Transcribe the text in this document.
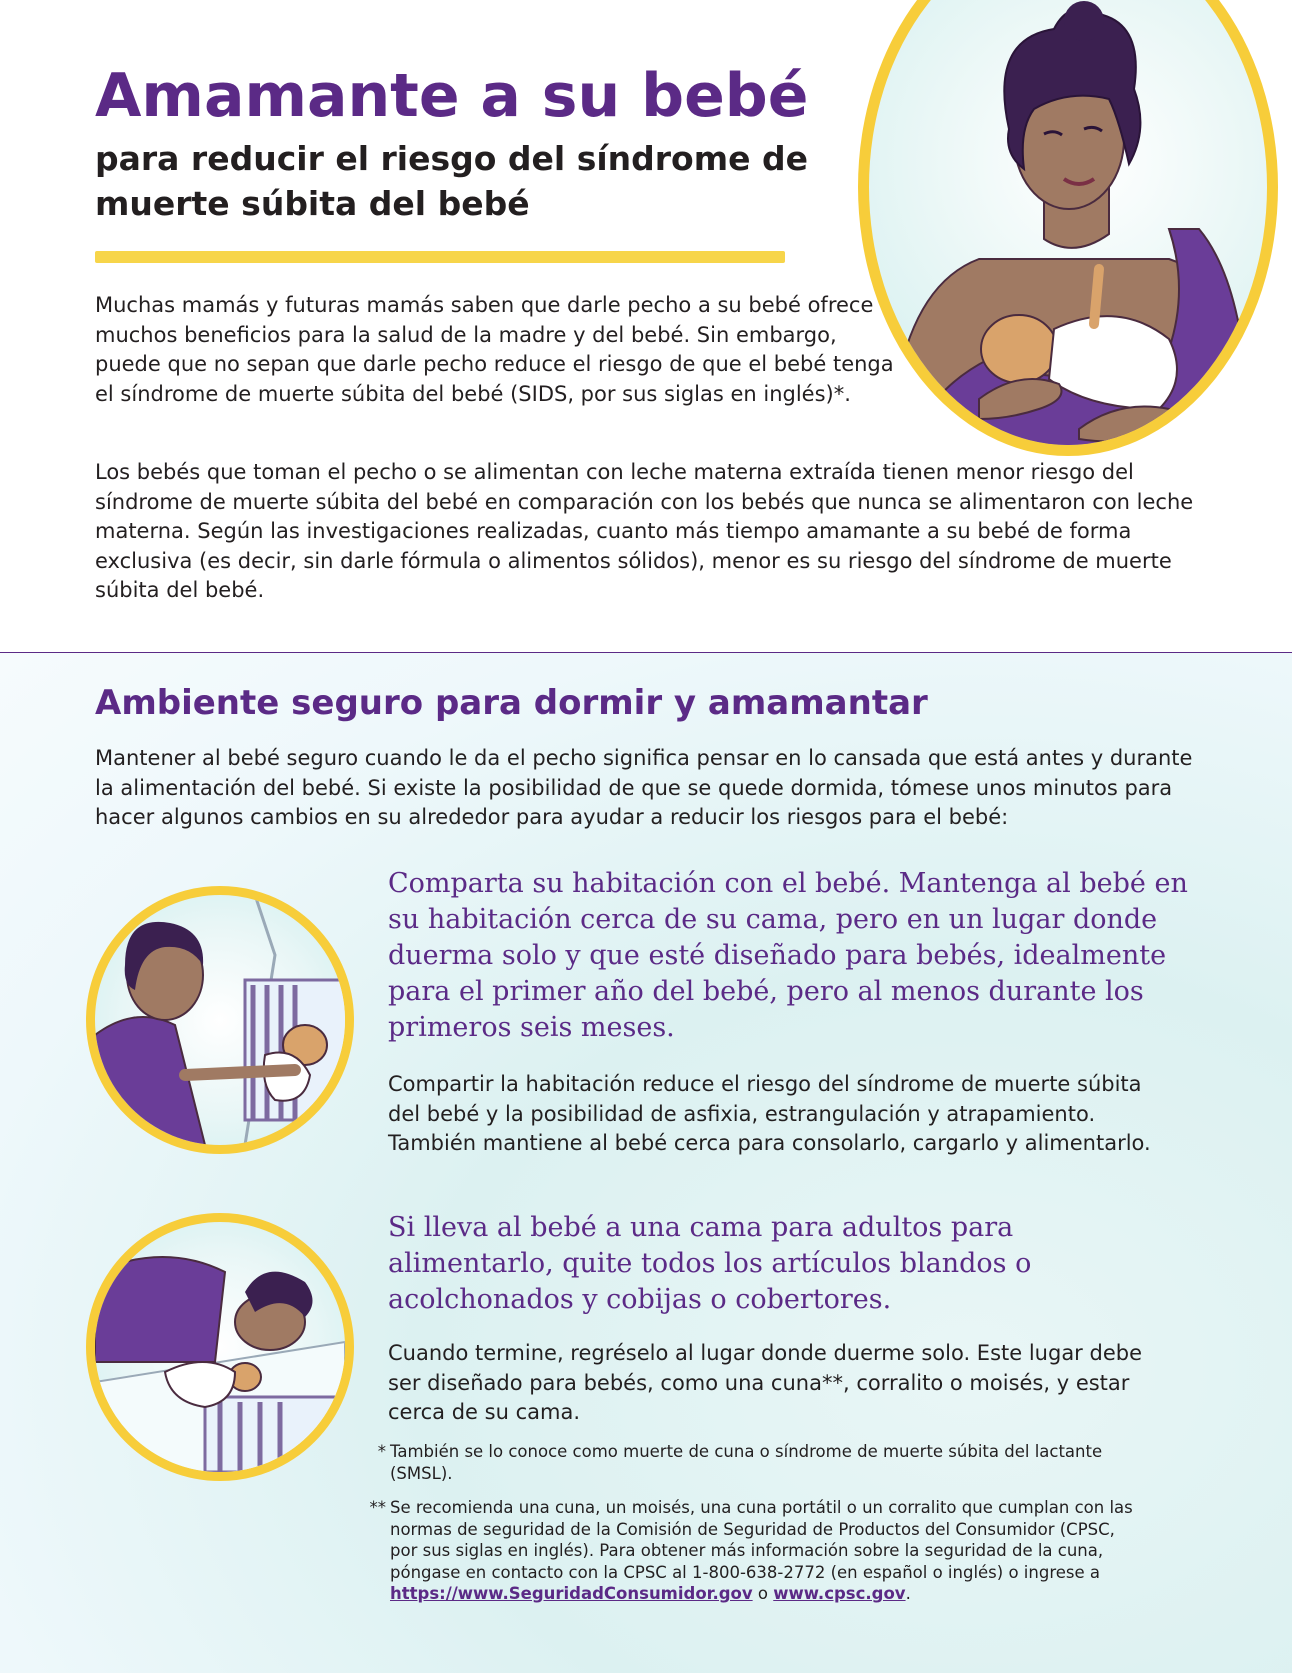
Amamante a su bebé
para reducir el riesgo del síndrome de muerte súbita del bebé

Muchas mamás y futuras mamás saben que darle pecho a su bebé ofrece muchos beneficios para la salud de la madre y del bebé. Sin embargo, puede que no sepan que darle pecho reduce el riesgo de que el bebé tenga el síndrome de muerte súbita del bebé (SIDS, por sus siglas en inglés)*.

Los bebés que toman el pecho o se alimentan con leche materna extraída tienen menor riesgo del síndrome de muerte súbita del bebé en comparación con los bebés que nunca se alimentaron con leche materna. Según las investigaciones realizadas, cuanto más tiempo amamante a su bebé de forma exclusiva (es decir, sin darle fórmula o alimentos sólidos), menor es su riesgo del síndrome de muerte súbita del bebé.

Ambiente seguro para dormir y amamantar

Mantener al bebé seguro cuando le da el pecho significa pensar en lo cansada que está antes y durante la alimentación del bebé. Si existe la posibilidad de que se quede dormida, tómese unos minutos para hacer algunos cambios en su alrededor para ayudar a reducir los riesgos para el bebé:

Comparta su habitación con el bebé. Mantenga al bebé en su habitación cerca de su cama, pero en un lugar donde duerma solo y que esté diseñado para bebés, idealmente para el primer año del bebé, pero al menos durante los primeros seis meses.

Compartir la habitación reduce el riesgo del síndrome de muerte súbita del bebé y la posibilidad de asfixia, estrangulación y atrapamiento. También mantiene al bebé cerca para consolarlo, cargarlo y alimentarlo.

Si lleva al bebé a una cama para adultos para alimentarlo, quite todos los artículos blandos o acolchonados y cobijas o cobertores.

Cuando termine, regréselo al lugar donde duerme solo. Este lugar debe ser diseñado para bebés, como una cuna**, corralito o moisés, y estar cerca de su cama.

* También se lo conoce como muerte de cuna o síndrome de muerte súbita del lactante (SMSL).

** Se recomienda una cuna, un moisés, una cuna portátil o un corralito que cumplan con las normas de seguridad de la Comisión de Seguridad de Productos del Consumidor (CPSC, por sus siglas en inglés). Para obtener más información sobre la seguridad de la cuna, póngase en contacto con la CPSC al 1-800-638-2772 (en español o inglés) o ingrese a https://www.SeguridadConsumidor.gov o www.cpsc.gov.
